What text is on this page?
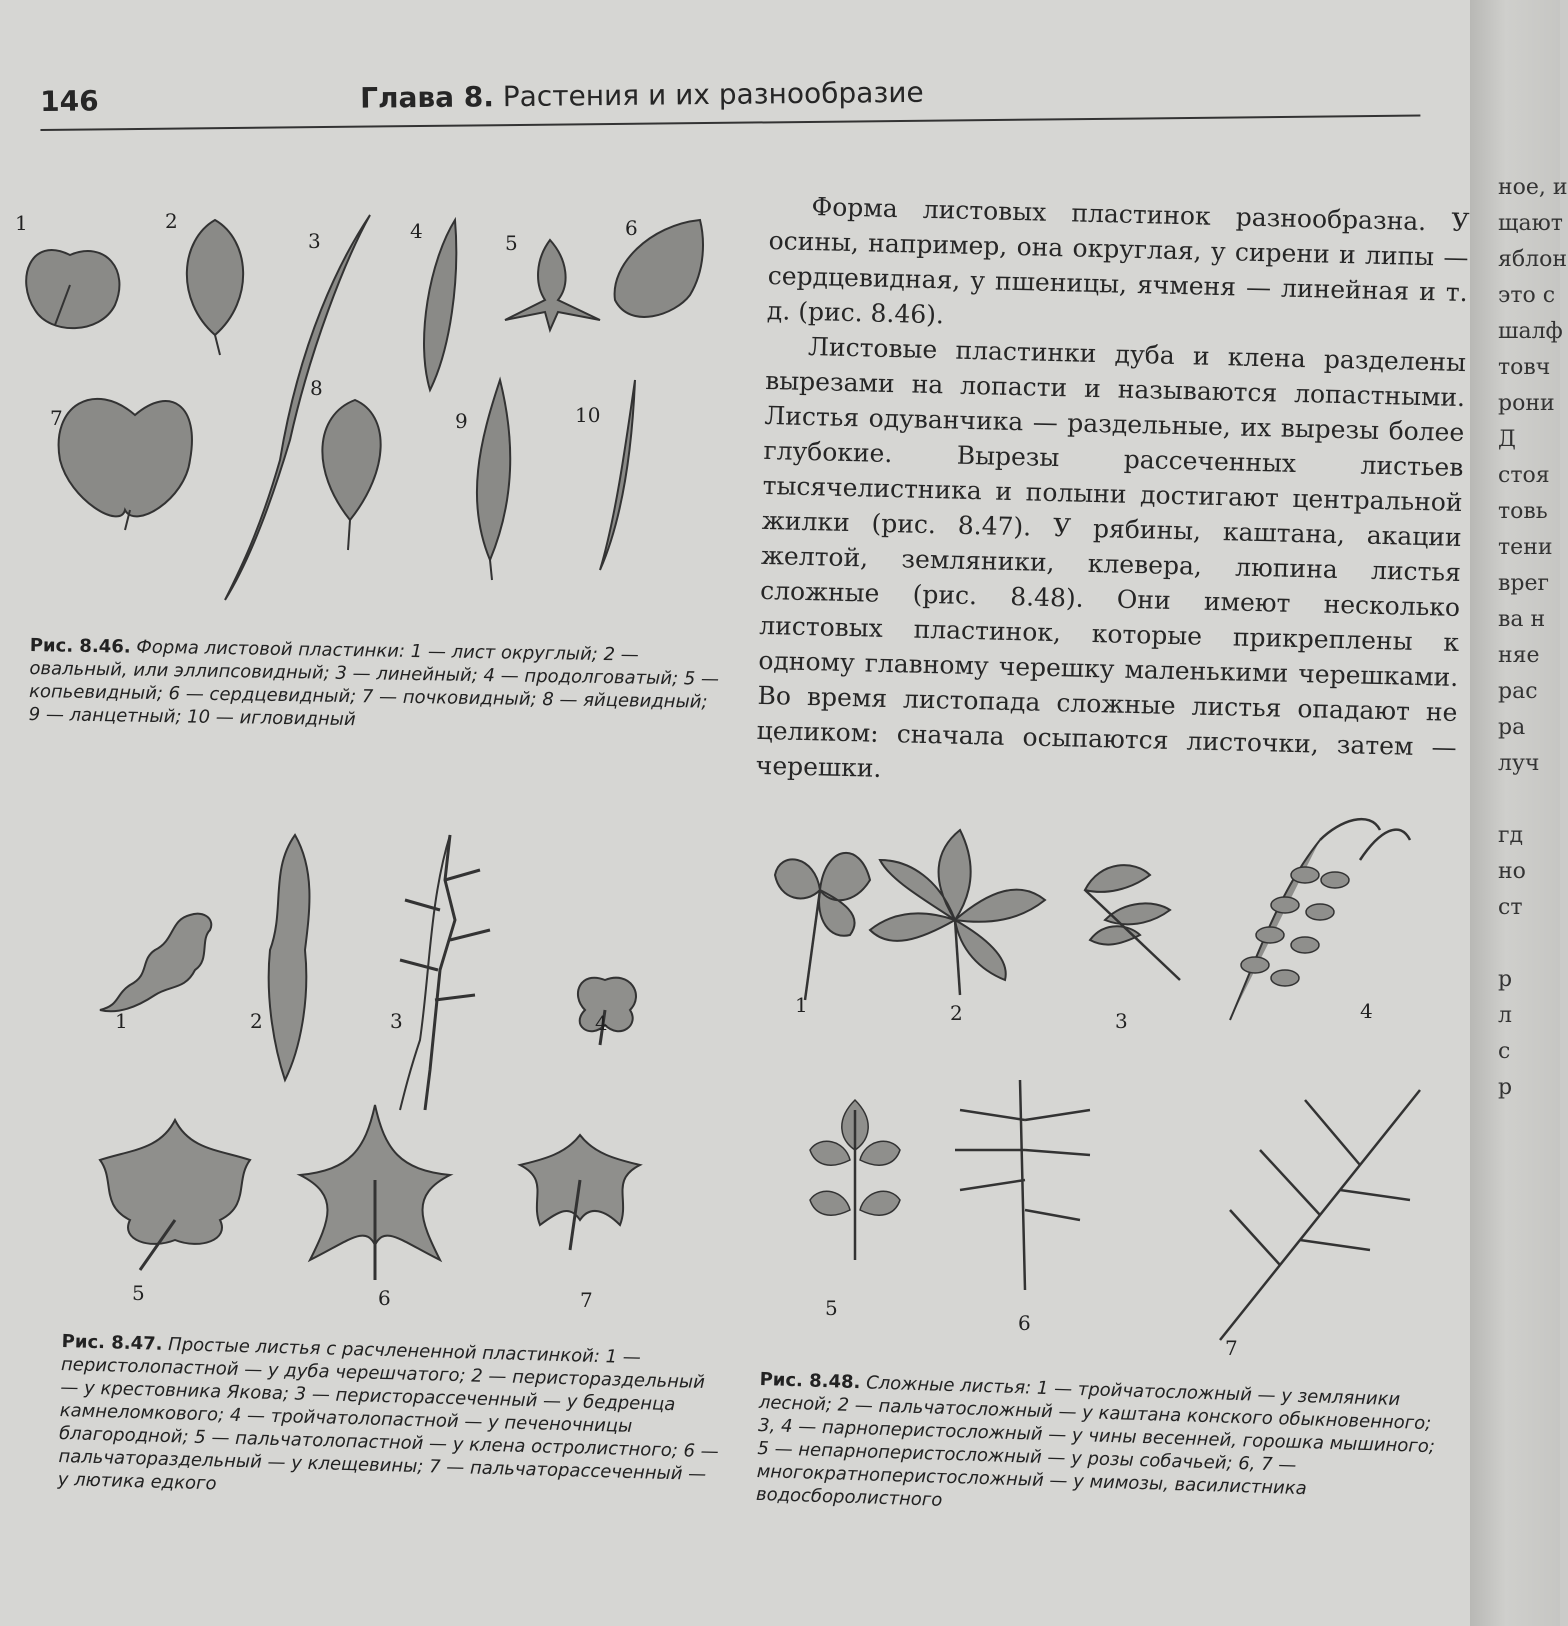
ное, и
щают
яблон
это с
шалф
товч
рони
Д
стоя
товь
тени
врег
ва н
няе
рас
ра
луч
гд
но
ст
р
л
с
р
146	Глава 8. Растения и их разнообразие

Форма листовых пластинок разнообразна. У осины, например, она округлая, у сирени и липы — сердцевидная, у пшеницы, ячменя — линейная и т. д. (рис. 8.46).

Листовые пластинки дуба и клена разделены вырезами на лопасти и называются лопастными. Листья одуванчика — раздельные, их вырезы более глубокие. Вырезы рассеченных листьев тысячелистника и полыни достигают центральной жилки (рис. 8.47). У рябины, каштана, акации желтой, земляники, клевера, люпина листья сложные (рис. 8.48). Они имеют несколько листовых пластинок, которые прикреплены к одному главному черешку маленькими черешками. Во время листопада сложные листья опадают не целиком: сначала осыпаются листочки, затем — черешки.

1	2
3	4	5
6
7
8
9	10
Рис. 8.46. Форма листовой пластинки: 1 — лист округлый; 2 — овальный, или эллипсовидный; 3 — линейный; 4 — продолговатый; 5 — копьевидный; 6 — сердцевидный; 7 — почковидный; 8 — яйцевидный; 9 — ланцетный; 10 — игловидный
1	2	3	4
5	6	7
Рис. 8.47. Простые листья с расчлененной пластинкой: 1 — перистолопастной — у дуба черешчатого; 2 — перистораздельный — у крестовника Якова; 3 — перисторассеченный — у бедренца камнеломкового; 4 — тройчатолопастной — у печеночницы благородной; 5 — пальчатолопастной — у клена остролистного; 6 — пальчатораздельный — у клещевины; 7 — пальчаторассеченный — у лютика едкого
1	2	3	4
5
6
7
Рис. 8.48. Сложные листья: 1 — тройчатосложный — у земляники лесной; 2 — пальчатосложный — у каштана конского обыкновенного; 3, 4 — парноперистосложный — у чины весенней, горошка мышиного; 5 — непарноперистосложный — у розы собачьей; 6, 7 — многократноперистосложный — у мимозы, василистника водосборолистного
